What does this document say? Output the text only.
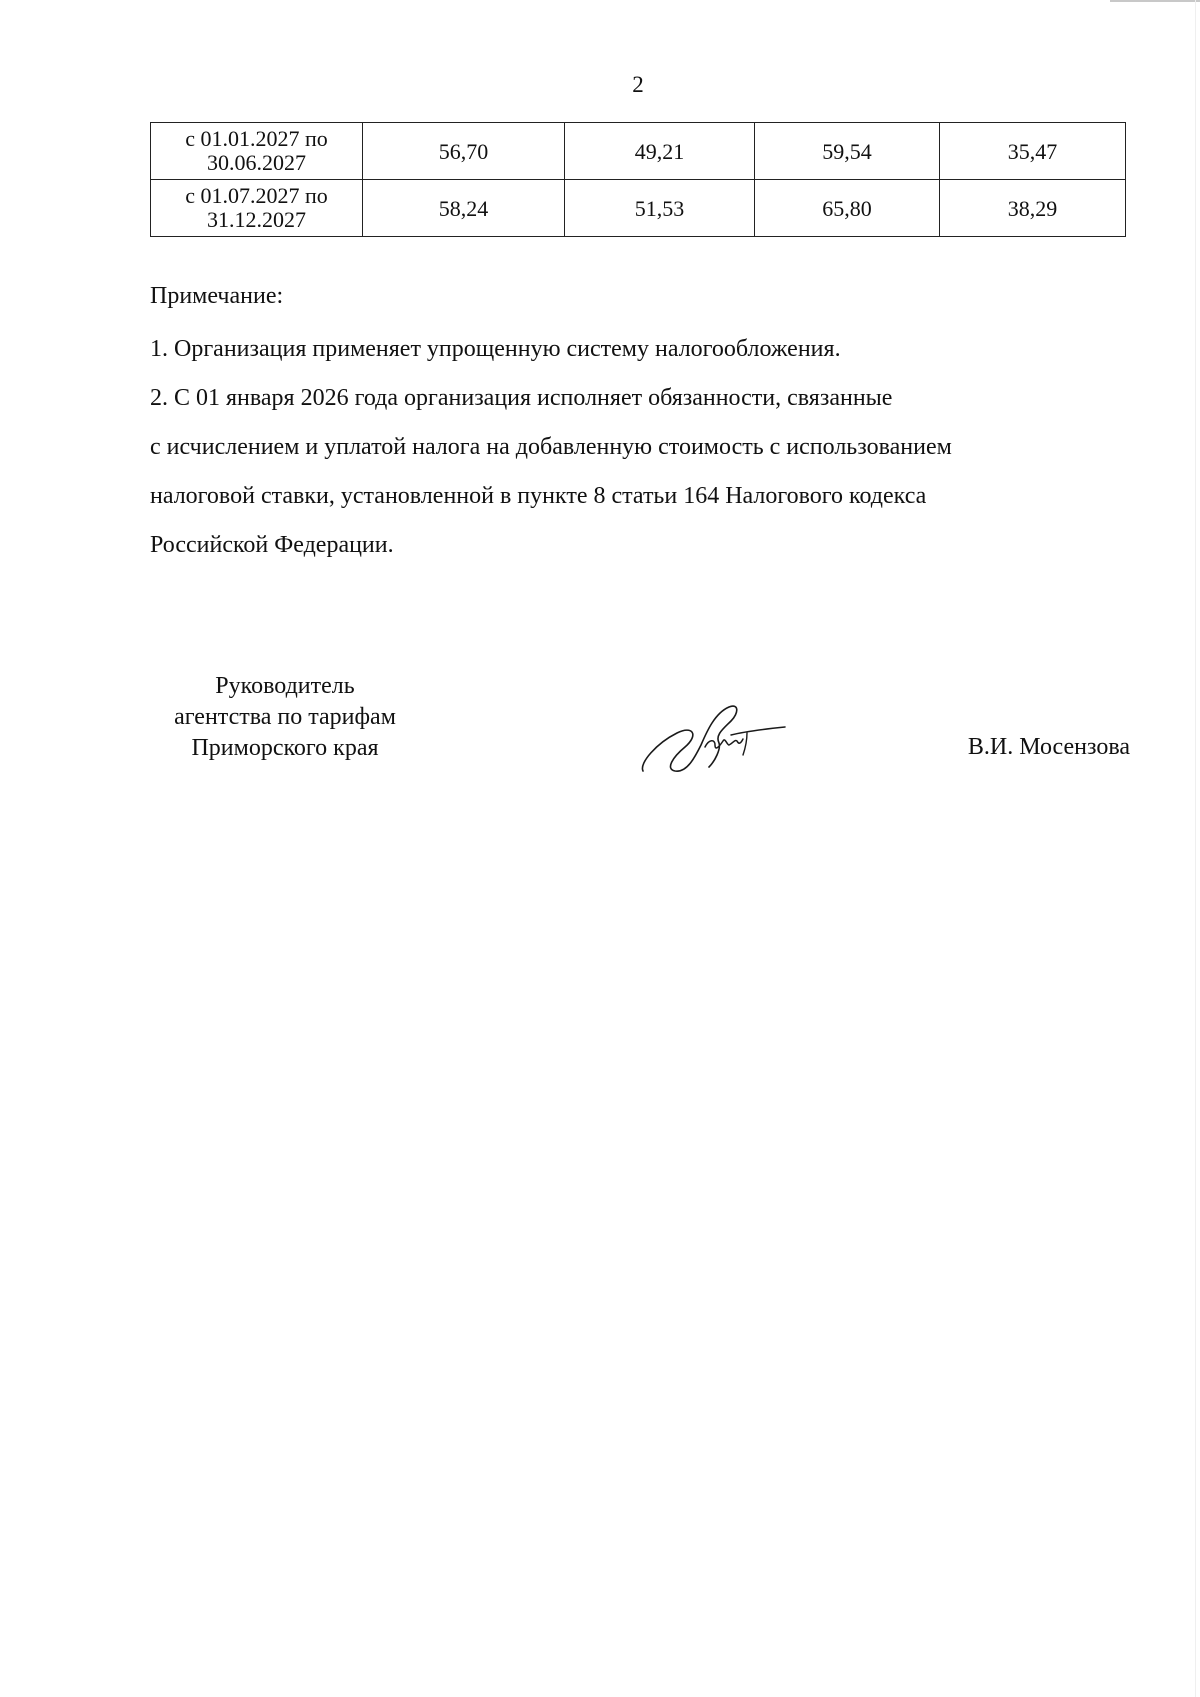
2
с 01.01.2027 по
30.06.2027	56,70	49,21	59,54	35,47

с 01.07.2027 по
31.12.2027	58,24	51,53	65,80	38,29
Примечание:
1. Организация применяет упрощенную систему налогообложения.
2. С 01 января 2026 года организация исполняет обязанности, связанные
с исчислением и уплатой налога на добавленную стоимость с использованием
налоговой ставки, установленной в пункте 8 статьи 164 Налогового кодекса
Российской Федерации.
Руководитель
агентства по тарифам
Приморского края	В.И. Мосензова
